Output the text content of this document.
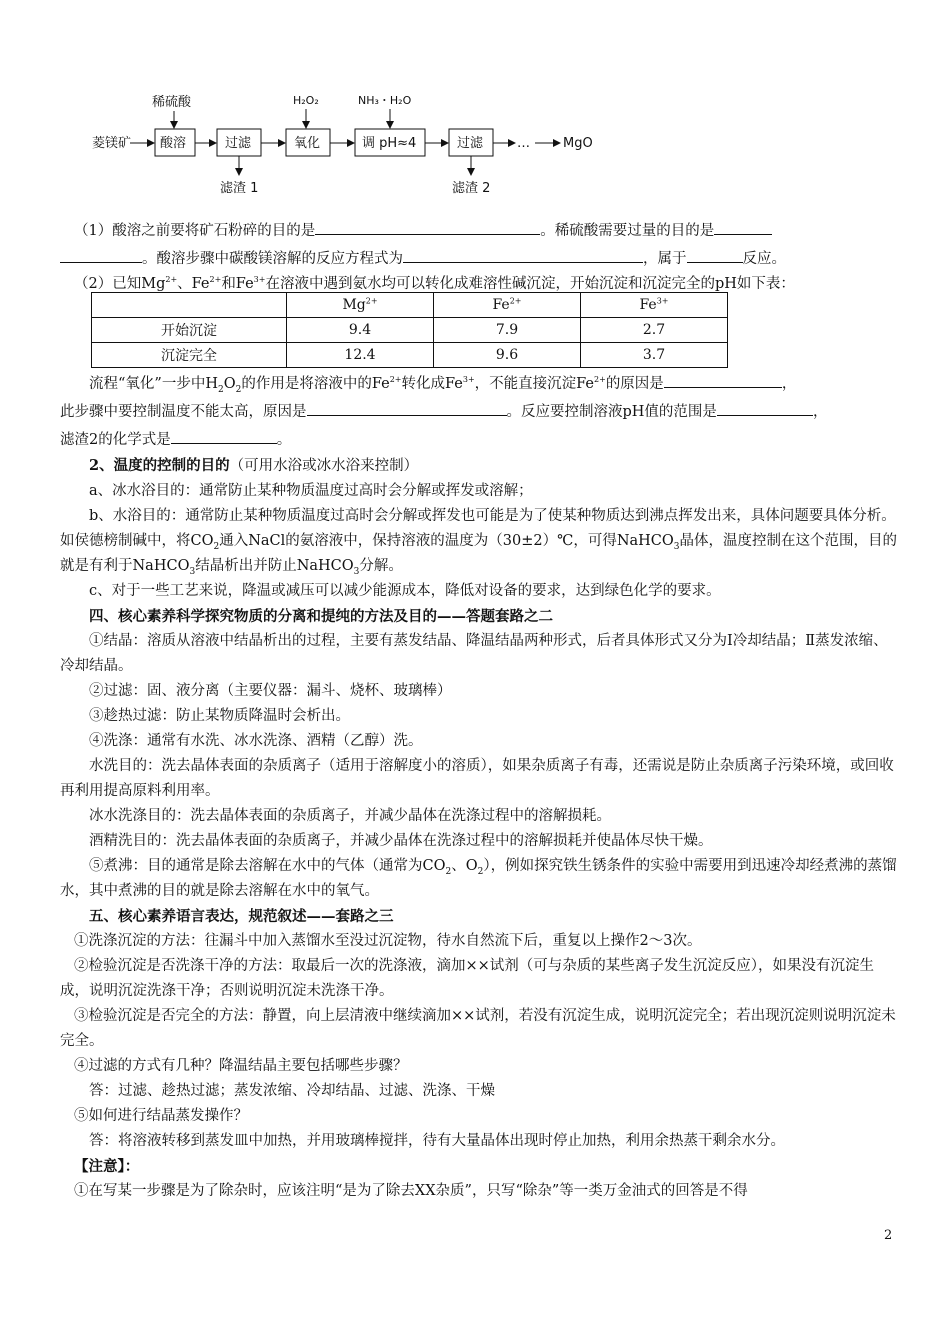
菱镁矿
稀硫酸
酸溶	过滤
滤渣 1
H₂O₂
氧化
NH₃・H₂O
调 pH≈4	过滤
滤渣 2
…	MgO

（1）酸溶之前要将矿石粉碎的目的是	。稀硫酸需要过量的目的是
。酸溶步骤中碳酸镁溶解的反应方程式为	，属于	反应。

（2）已知$Mg^{2+}$、$Fe^{2+}$和$Fe^{3+}$在溶液中遇到氨水均可以转化成难溶性碱沉淀，开始沉淀和沉淀完全的pH如下表：

	$Mg^{2+}$	$Fe^{2+}$	$Fe^{3+}$
开始沉淀	9.4	7.9	2.7
沉淀完全	12.4	9.6	3.7

流程“氧化”一步中$H_2O_2$的作用是将溶液中的$Fe^{2+}$转化成$Fe^{3+}$，不能直接沉淀$Fe^{2+}$的原因是	，
此步骤中要控制温度不能太高，原因是	。反应要控制溶液pH值的范围是	，
滤渣2的化学式是	。

2、温度的控制的目的（可用水浴或冰水浴来控制）

a、冰水浴目的：通常防止某种物质温度过高时会分解或挥发或溶解；

b、水浴目的：通常防止某种物质温度过高时会分解或挥发也可能是为了使某种物质达到沸点挥发出来，具体问题要具体分析。如侯德榜制碱中，将$CO_2$通入NaCl的氨溶液中，保持溶液的温度为（30±2）℃，可得NaHCO$_3$晶体，温度控制在这个范围，目的就是有利于NaHCO$_3$结晶析出并防止NaHCO$_3$分解。

c、对于一些工艺来说，降温或减压可以减少能源成本，降低对设备的要求，达到绿色化学的要求。

四、核心素养科学探究物质的分离和提纯的方法及目的——答题套路之二

①结晶：溶质从溶液中结晶析出的过程，主要有蒸发结晶、降温结晶两种形式，后者具体形式又分为Ⅰ冷却结晶；Ⅱ蒸发浓缩、冷却结晶。

②过滤：固、液分离（主要仪器：漏斗、烧杯、玻璃棒）

③趁热过滤：防止某物质降温时会析出。

④洗涤：通常有水洗、冰水洗涤、酒精（乙醇）洗。

水洗目的：洗去晶体表面的杂质离子（适用于溶解度小的溶质），如果杂质离子有毒，还需说是防止杂质离子污染环境，或回收再利用提高原料利用率。

冰水洗涤目的：洗去晶体表面的杂质离子，并减少晶体在洗涤过程中的溶解损耗。

酒精洗目的：洗去晶体表面的杂质离子，并减少晶体在洗涤过程中的溶解损耗并使晶体尽快干燥。

⑤煮沸：目的通常是除去溶解在水中的气体（通常为$CO_2$、$O_2$），例如探究铁生锈条件的实验中需要用到迅速冷却经煮沸的蒸馏水，其中煮沸的目的就是除去溶解在水中的氧气。

五、核心素养语言表达，规范叙述——套路之三

①洗涤沉淀的方法：往漏斗中加入蒸馏水至没过沉淀物，待水自然流下后，重复以上操作2～3次。

②检验沉淀是否洗涤干净的方法：取最后一次的洗涤液，滴加××试剂（可与杂质的某些离子发生沉淀反应），如果没有沉淀生成，说明沉淀洗涤干净；否则说明沉淀未洗涤干净。

③检验沉淀是否完全的方法：静置，向上层清液中继续滴加××试剂，若没有沉淀生成，说明沉淀完全；若出现沉淀则说明沉淀未完全。

④过滤的方式有几种？降温结晶主要包括哪些步骤？

答：过滤、趁热过滤；蒸发浓缩、冷却结晶、过滤、洗涤、干燥

⑤如何进行结晶蒸发操作？

答：将溶液转移到蒸发皿中加热，并用玻璃棒搅拌，待有大量晶体出现时停止加热，利用余热蒸干剩余水分。

【注意】：

①在写某一步骤是为了除杂时，应该注明“是为了除去XX杂质”，只写“除杂”等一类万金油式的回答是不得

2
